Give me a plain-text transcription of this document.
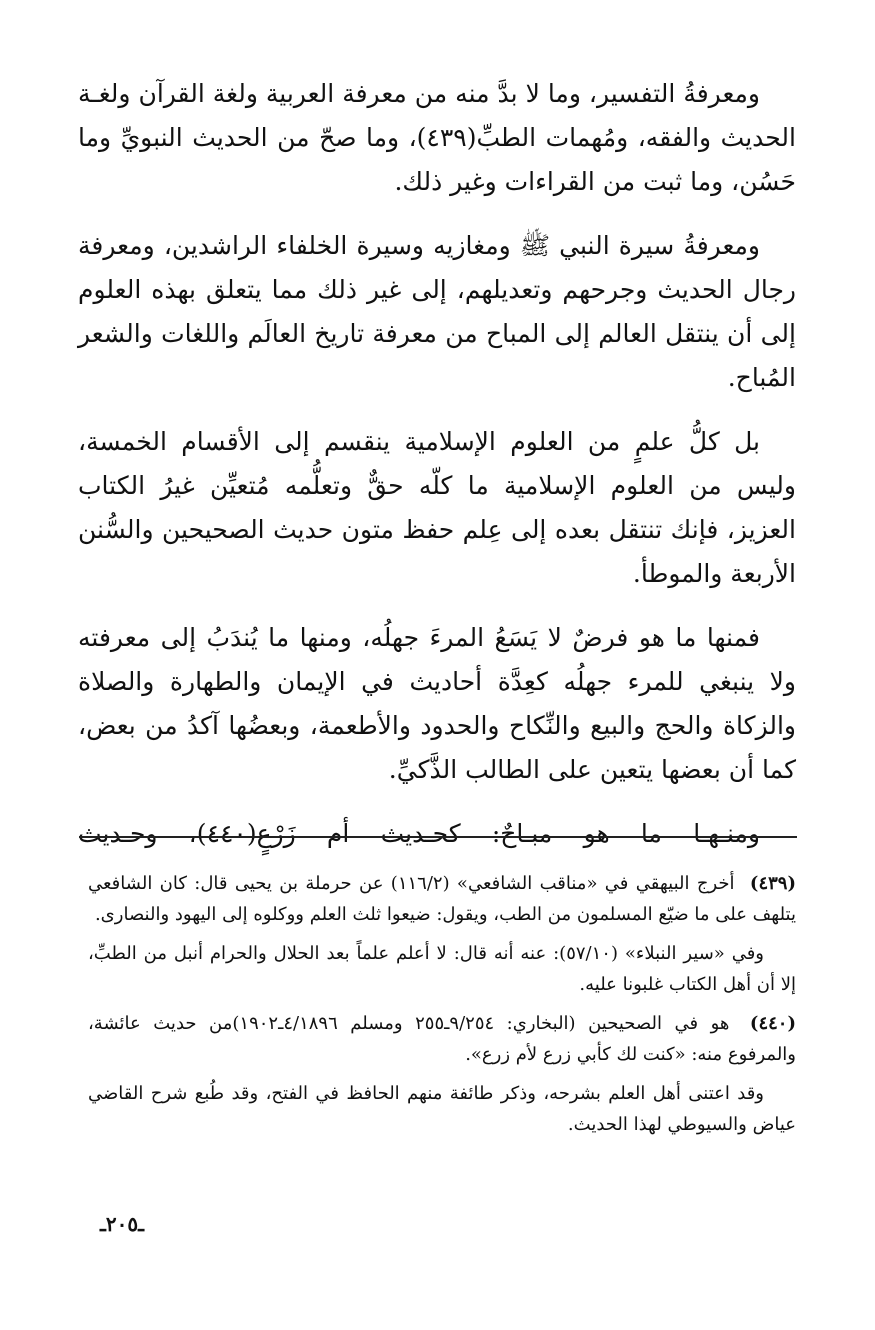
ومعرفةُ التفسير، وما لا بدَّ منه من معرفة العربية ولغة القرآن ولغـة الحديث والفقه، ومُهمات الطبِّ(٤٣٩)، وما صحّ من الحديث النبويِّ وما حَسُن، وما ثبت من القراءات وغير ذلك.

ومعرفةُ سيرة النبي ﷺ ومغازيه وسيرة الخلفاء الراشدين، ومعرفة رجال الحديث وجرحهم وتعديلهم، إلى غير ذلك مما يتعلق بهذه العلوم إلى أن ينتقل العالم إلى المباح من معرفة تاريخ العالَم واللغات والشعر المُباح.

بل كلُّ علمٍ من العلوم الإسلامية ينقسم إلى الأقسام الخمسة، وليس من العلوم الإسلامية ما كلّه حقٌّ وتعلُّمه مُتعيِّن غيرُ الكتاب العزيز، فإنك تنتقل بعده إلى عِلم حفظ متون حديث الصحيحين والسُّنن الأربعة والموطأ.

فمنها ما هو فرضٌ لا يَسَعُ المرءَ جهلُه، ومنها ما يُندَبُ إلى معرفته ولا ينبغي للمرء جهلُه كعِدَّة أحاديث في الإيمان والطهارة والصلاة والزكاة والحج والبيع والنِّكاح والحدود والأطعمة، وبعضُها آكدُ من بعض، كما أن بعضها يتعين على الطالب الذَّكيِّ.

ومنـهـا ما هو مبـاحٌ: كحـديث أم زَرْعٍ(٤٤٠)، وحـديث

(٤٣٩) أخرج البيهقي في «مناقب الشافعي» (١١٦/٢) عن حرملة بن يحيى قال: كان الشافعي يتلهف على ما ضيّع المسلمون من الطب، ويقول: ضيعوا ثلث العلم ووكلوه إلى اليهود والنصارى.

وفي «سير النبلاء» (٥٧/١٠): عنه أنه قال: لا أعلم علماً بعد الحلال والحرام أنبل من الطبِّ، إلا أن أهل الكتاب غلبونا عليه.

(٤٤٠) هو في الصحيحين (البخاري: ٩/٢٥٤ـ٢٥٥ ومسلم ٤/١٨٩٦ـ١٩٠٢)من حديث عائشة، والمرفوع منه: «كنت لك كأبي زرع لأم زرع».

وقد اعتنى أهل العلم بشرحه، وذكر طائفة منهم الحافظ في الفتح، وقد طُبع شرح القاضي عياض والسيوطي لهذا الحديث.

ـ٢٠٥ـ
